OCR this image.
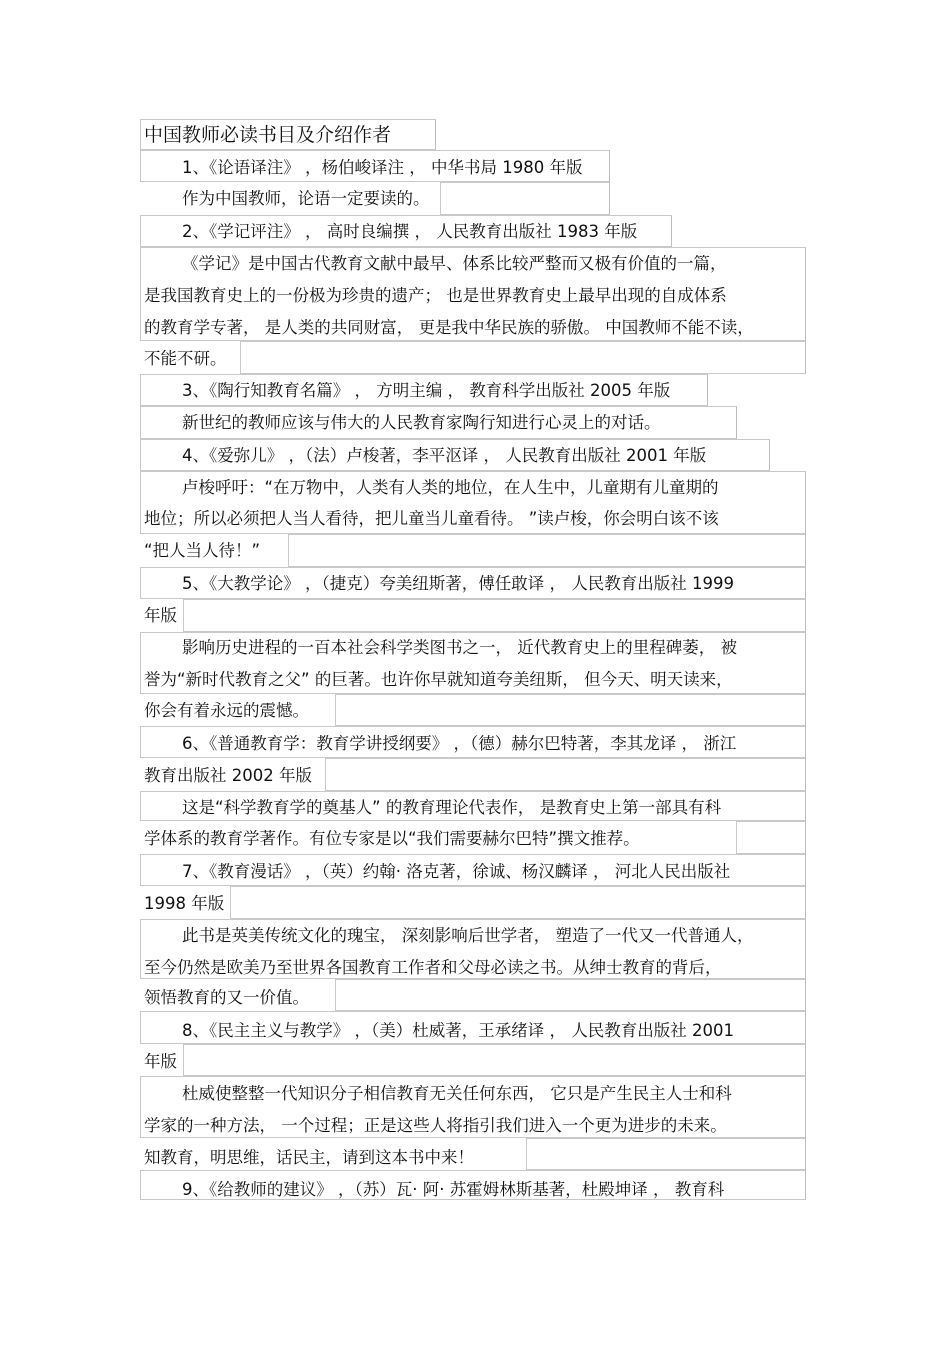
中国教师必读书目及介绍作者
1、《论语译注》 ，杨伯峻译注 ， 中华书局 1980 年版
作为中国教师，论语一定要读的。
2、《学记评注》 ， 高时良编撰 ， 人民教育出版社 1983 年版
《学记》是中国古代教育文献中最早、体系比较严整而又极有价值的一篇，
是我国教育史上的一份极为珍贵的遗产； 也是世界教育史上最早出现的自成体系
的教育学专著， 是人类的共同财富， 更是我中华民族的骄傲。 中国教师不能不读，
不能不研。
3、《陶行知教育名篇》 ， 方明主编 ， 教育科学出版社 2005 年版
新世纪的教师应该与伟大的人民教育家陶行知进行心灵上的对话。
4、《爱弥儿》 ，（法）卢梭著，李平沤译 ， 人民教育出版社 2001 年版
卢梭呼吁：“在万物中，人类有人类的地位，在人生中，儿童期有儿童期的
地位；所以必须把人当人看待，把儿童当儿童看待。 ”读卢梭，你会明白该不该
“把人当人待！”
5、《大教学论》 ，（捷克）夸美纽斯著，傅任敢译 ， 人民教育出版社 1999
年版
影响历史进程的一百本社会科学类图书之一， 近代教育史上的里程碑萎， 被
誉为“新时代教育之父” 的巨著。也许你早就知道夸美纽斯， 但今天、明天读来，
你会有着永远的震憾。
6、《普通教育学：教育学讲授纲要》 ，（德）赫尔巴特著，李其龙译 ， 浙江
教育出版社 2002 年版
这是“科学教育学的奠基人” 的教育理论代表作， 是教育史上第一部具有科
学体系的教育学著作。有位专家是以“我们需要赫尔巴特”撰文推荐。
7、《教育漫话》 ，（英）约翰· 洛克著，徐诚、杨汉麟译 ， 河北人民出版社
1998 年版
此书是英美传统文化的瑰宝， 深刻影响后世学者， 塑造了一代又一代普通人，
至今仍然是欧美乃至世界各国教育工作者和父母必读之书。从绅士教育的背后，
领悟教育的又一价值。
8、《民主主义与教学》 ，（美）杜威著，王承绪译 ， 人民教育出版社 2001
年版
杜威使整整一代知识分子相信教育无关任何东西， 它只是产生民主人士和科
学家的一种方法， 一个过程；正是这些人将指引我们进入一个更为进步的未来。
知教育，明思维，话民主，请到这本书中来！
9、《给教师的建议》 ，（苏）瓦· 阿· 苏霍姆林斯基著，杜殿坤译 ， 教育科
